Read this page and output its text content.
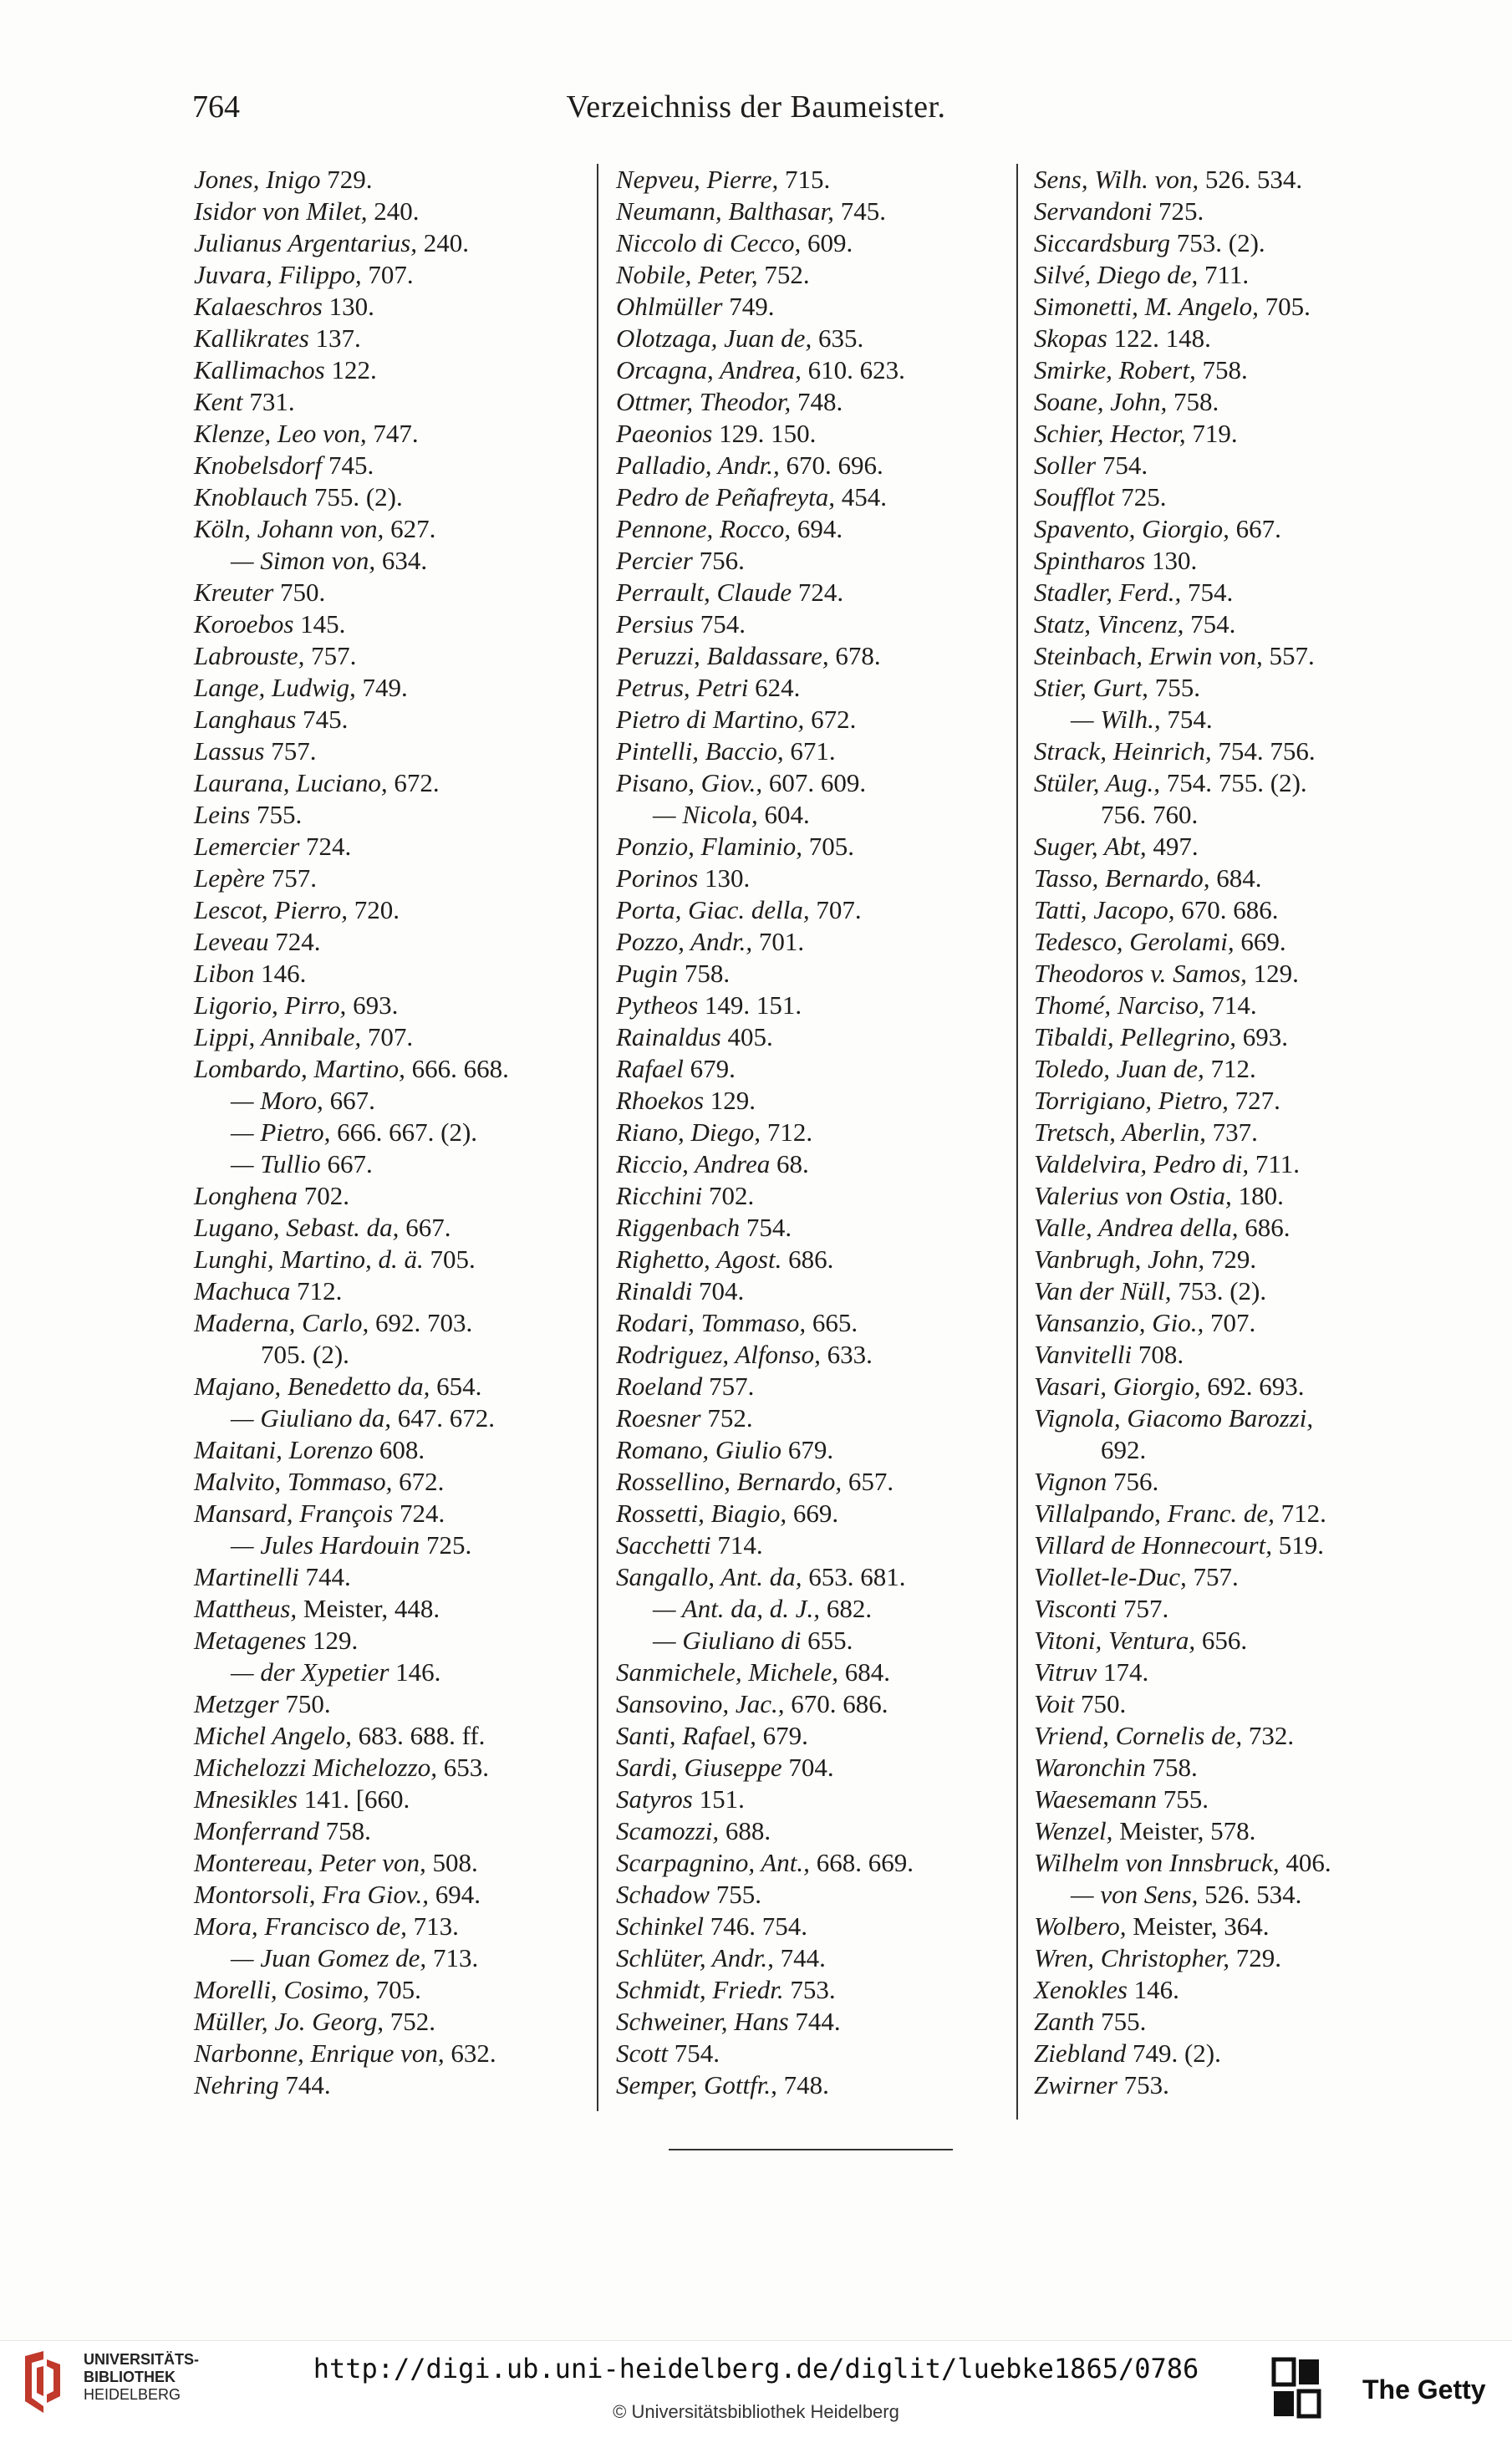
764	Verzeichniss der Baumeister.
Jones, Inigo 729.
Isidor von Milet, 240.
Julianus Argentarius, 240.
Juvara, Filippo, 707.
Kalaeschros 130.
Kallikrates 137.
Kallimachos 122.
Kent 731.
Klenze, Leo von, 747.
Knobelsdorf 745.
Knoblauch 755. (2).
Köln, Johann von, 627.
— Simon von, 634.
Kreuter 750.
Koroebos 145.
Labrouste, 757.
Lange, Ludwig, 749.
Langhaus 745.
Lassus 757.
Laurana, Luciano, 672.
Leins 755.
Lemercier 724.
Lepère 757.
Lescot, Pierro, 720.
Leveau 724.
Libon 146.
Ligorio, Pirro, 693.
Lippi, Annibale, 707.
Lombardo, Martino, 666. 668.
— Moro, 667.
— Pietro, 666. 667. (2).
— Tullio 667.
Longhena 702.
Lugano, Sebast. da, 667.
Lunghi, Martino, d. ä. 705.
Machuca 712.
Maderna, Carlo, 692. 703.
705. (2).
Majano, Benedetto da, 654.
— Giuliano da, 647. 672.
Maitani, Lorenzo 608.
Malvito, Tommaso, 672.
Mansard, François 724.
— Jules Hardouin 725.
Martinelli 744.
Mattheus, Meister, 448.
Metagenes 129.
— der Xypetier 146.
Metzger 750.
Michel Angelo, 683. 688. ff.
Michelozzi Michelozzo, 653.
Mnesikles 141. [660.
Monferrand 758.
Montereau, Peter von, 508.
Montorsoli, Fra Giov., 694.
Mora, Francisco de, 713.
— Juan Gomez de, 713.
Morelli, Cosimo, 705.
Müller, Jo. Georg, 752.
Narbonne, Enrique von, 632.
Nehring 744.
Nepveu, Pierre, 715.
Neumann, Balthasar, 745.
Niccolo di Cecco, 609.
Nobile, Peter, 752.
Ohlmüller 749.
Olotzaga, Juan de, 635.
Orcagna, Andrea, 610. 623.
Ottmer, Theodor, 748.
Paeonios 129. 150.
Palladio, Andr., 670. 696.
Pedro de Peñafreyta, 454.
Pennone, Rocco, 694.
Percier 756.
Perrault, Claude 724.
Persius 754.
Peruzzi, Baldassare, 678.
Petrus, Petri 624.
Pietro di Martino, 672.
Pintelli, Baccio, 671.
Pisano, Giov., 607. 609.
— Nicola, 604.
Ponzio, Flaminio, 705.
Porinos 130.
Porta, Giac. della, 707.
Pozzo, Andr., 701.
Pugin 758.
Pytheos 149. 151.
Rainaldus 405.
Rafael 679.
Rhoekos 129.
Riano, Diego, 712.
Riccio, Andrea 68.
Ricchini 702.
Riggenbach 754.
Righetto, Agost. 686.
Rinaldi 704.
Rodari, Tommaso, 665.
Rodriguez, Alfonso, 633.
Roeland 757.
Roesner 752.
Romano, Giulio 679.
Rossellino, Bernardo, 657.
Rossetti, Biagio, 669.
Sacchetti 714.
Sangallo, Ant. da, 653. 681.
— Ant. da, d. J., 682.
— Giuliano di 655.
Sanmichele, Michele, 684.
Sansovino, Jac., 670. 686.
Santi, Rafael, 679.
Sardi, Giuseppe 704.
Satyros 151.
Scamozzi, 688.
Scarpagnino, Ant., 668. 669.
Schadow 755.
Schinkel 746. 754.
Schlüter, Andr., 744.
Schmidt, Friedr. 753.
Schweiner, Hans 744.
Scott 754.
Semper, Gottfr., 748.
Sens, Wilh. von, 526. 534.
Servandoni 725.
Siccardsburg 753. (2).
Silvé, Diego de, 711.
Simonetti, M. Angelo, 705.
Skopas 122. 148.
Smirke, Robert, 758.
Soane, John, 758.
Schier, Hector, 719.
Soller 754.
Soufflot 725.
Spavento, Giorgio, 667.
Spintharos 130.
Stadler, Ferd., 754.
Statz, Vincenz, 754.
Steinbach, Erwin von, 557.
Stier, Gurt, 755.
— Wilh., 754.
Strack, Heinrich, 754. 756.
Stüler, Aug., 754. 755. (2).
756. 760.
Suger, Abt, 497.
Tasso, Bernardo, 684.
Tatti, Jacopo, 670. 686.
Tedesco, Gerolami, 669.
Theodoros v. Samos, 129.
Thomé, Narciso, 714.
Tibaldi, Pellegrino, 693.
Toledo, Juan de, 712.
Torrigiano, Pietro, 727.
Tretsch, Aberlin, 737.
Valdelvira, Pedro di, 711.
Valerius von Ostia, 180.
Valle, Andrea della, 686.
Vanbrugh, John, 729.
Van der Nüll, 753. (2).
Vansanzio, Gio., 707.
Vanvitelli 708.
Vasari, Giorgio, 692. 693.
Vignola, Giacomo Barozzi,
692.
Vignon 756.
Villalpando, Franc. de, 712.
Villard de Honnecourt, 519.
Viollet-le-Duc, 757.
Visconti 757.
Vitoni, Ventura, 656.
Vitruv 174.
Voit 750.
Vriend, Cornelis de, 732.
Waronchin 758.
Waesemann 755.
Wenzel, Meister, 578.
Wilhelm von Innsbruck, 406.
— von Sens, 526. 534.
Wolbero, Meister, 364.
Wren, Christopher, 729.
Xenokles 146.
Zanth 755.
Ziebland 749. (2).
Zwirner 753.
UNIVERSITÄTS-
BIBLIOTHEK
HEIDELBERG
http://digi.ub.uni-heidelberg.de/diglit/luebke1865/0786
© Universitätsbibliothek Heidelberg
The Getty
